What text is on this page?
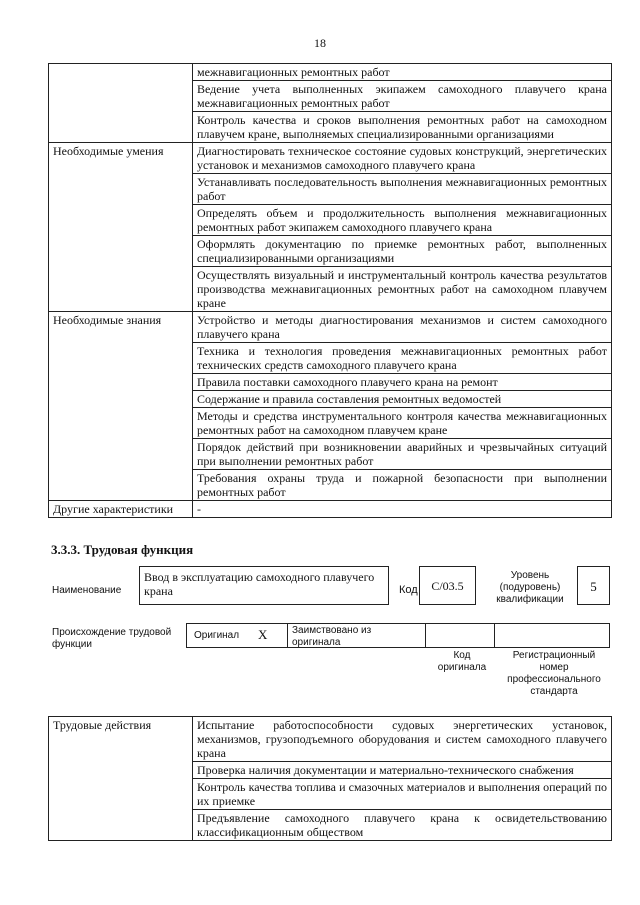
18
	межнавигационных ремонтных работ
	Ведение учета выполненных экипажем самоходного плавучего крана межнавигационных ремонтных работ
	Контроль качества и сроков выполнения ремонтных работ на самоходном плавучем кране, выполняемых специализированными организациями
Необходимые умения	Диагностировать техническое состояние судовых конструкций, энергетических установок и механизмов самоходного плавучего крана
	Устанавливать последовательность выполнения межнавигационных ремонтных работ
	Определять объем и продолжительность выполнения межнавигационных ремонтных работ экипажем самоходного плавучего крана
	Оформлять документацию по приемке ремонтных работ, выполненных специализированными организациями
	Осуществлять визуальный и инструментальный контроль качества результатов производства межнавигационных ремонтных работ на самоходном плавучем кране
Необходимые знания	Устройство и методы диагностирования механизмов и систем самоходного плавучего крана
	Техника и технология проведения межнавигационных ремонтных работ технических средств самоходного плавучего крана
	Правила поставки самоходного плавучего крана на ремонт
	Содержание и правила составления ремонтных ведомостей
	Методы и средства инструментального контроля качества межнавигационных ремонтных работ на самоходном плавучем кране
	Порядок действий при возникновении аварийных и чрезвычайных ситуаций при выполнении ремонтных работ
	Требования охраны труда и пожарной безопасности при выполнении ремонтных работ
Другие характеристики	-
3.3.3. Трудовая функция
Наименование
Ввод в эксплуатацию самоходного плавучего крана	Код	С/03.5
Уровень (подуровень) квалификации
5
Происхождение трудовой функции
Оригинал X Заимствовано из оригинала
Код оригинала
Регистрационный номер профессионального стандарта
Трудовые действия	Испытание работоспособности судовых энергетических установок, механизмов, грузоподъемного оборудования и систем самоходного плавучего крана
Проверка наличия документации и материально-технического снабжения
Контроль качества топлива и смазочных материалов и выполнения операций по их приемке
Предъявление самоходного плавучего крана к освидетельствованию классификационным обществом
